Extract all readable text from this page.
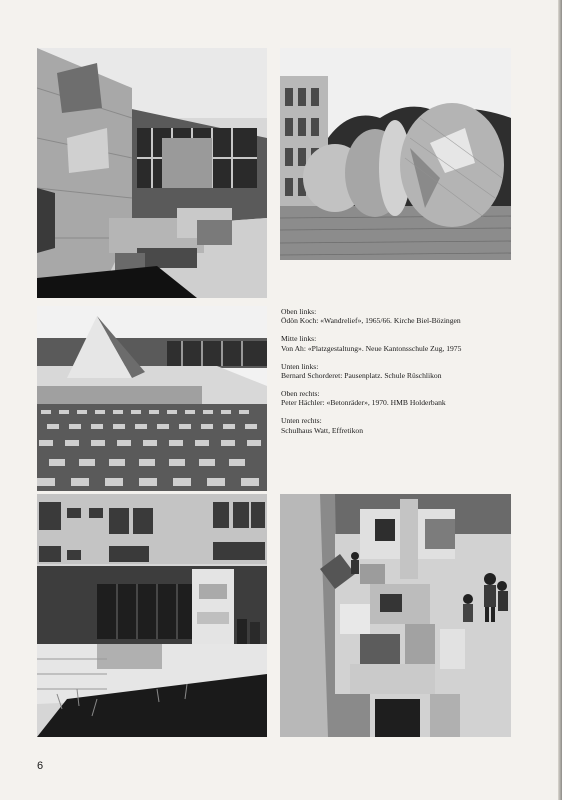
Oben links:
Ödön Koch: «Wandrelief», 1965/66. Kirche Biel-Bözingen
Mitte links:
Von Ah: «Platzgestaltung». Neue Kantonsschule Zug, 1975
Unten links:
Bernard Schorderet: Pausenplatz. Schule Rüschlikon
Oben rechts:
Peter Hächler: «Betonräder», 1970. HMB Holderbank
Unten rechts:
Schulhaus Watt, Effretikon
6
